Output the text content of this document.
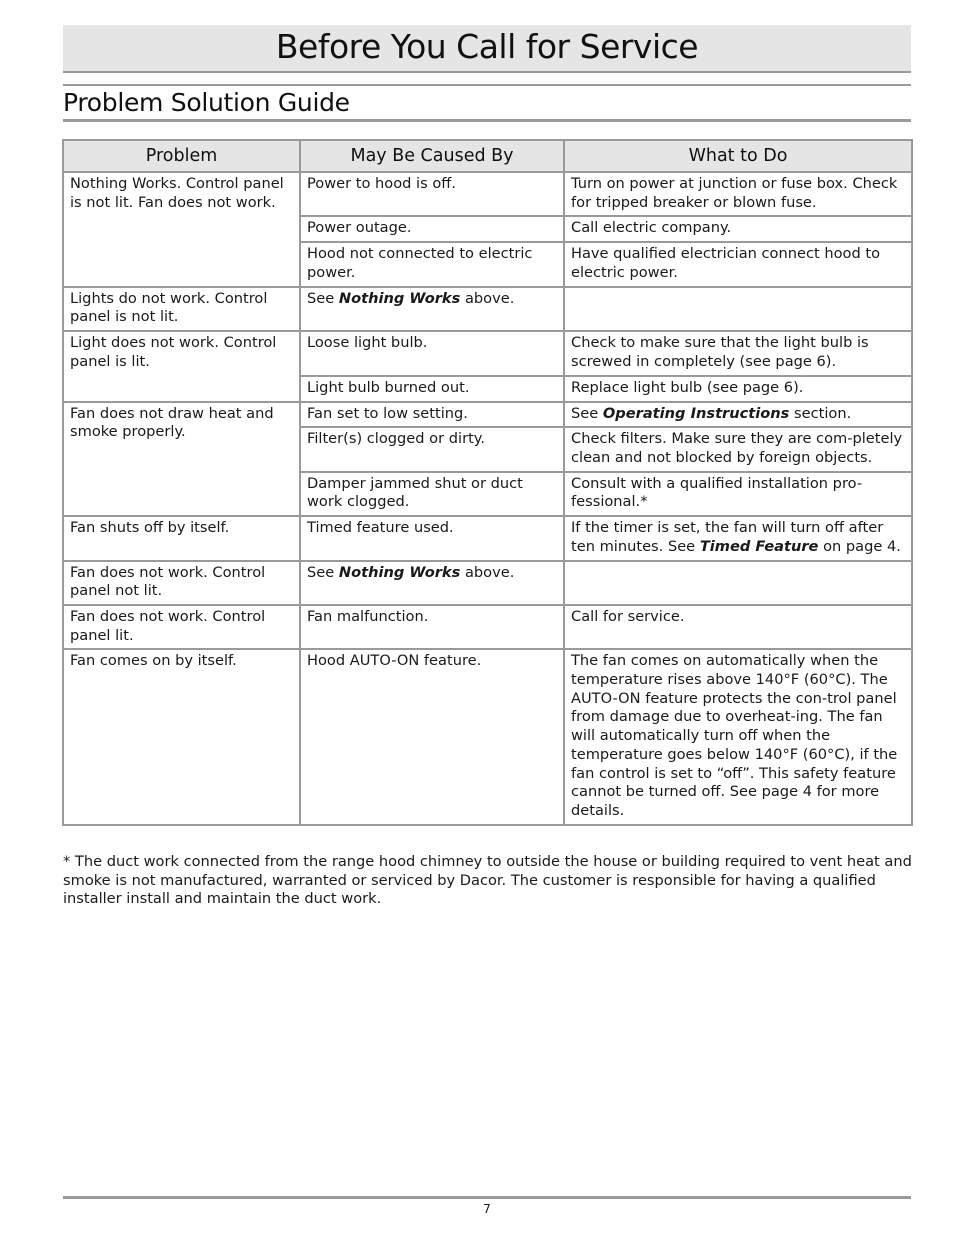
Before You Call for Service
Problem Solution Guide
Problem	May Be Caused By	What to Do
Nothing Works. Control panel is not lit. Fan does not work.	Power to hood is off.	Turn on power at junction or fuse box. Check for tripped breaker or blown fuse.
	Power outage.	Call electric company.
	Hood not connected to electric power.	Have qualified electrician connect hood to electric power.
Lights do not work. Control panel is not lit.	See Nothing Works above.	
Light does not work. Control panel is lit.	Loose light bulb.	Check to make sure that the light bulb is screwed in completely (see page 6).
	Light bulb burned out.	Replace light bulb (see page 6).
Fan does not draw heat and smoke properly.	Fan set to low setting.	See Operating Instructions section.
	Filter(s) clogged or dirty.	Check filters. Make sure they are com-pletely clean and not blocked by foreign objects.
	Damper jammed shut or duct work clogged.	Consult with a qualified installation pro-fessional.*
Fan shuts off by itself.	Timed feature used.	If the timer is set, the fan will turn off after ten minutes. See Timed Feature on page 4.
Fan does not work. Control panel not lit.	See Nothing Works above.	
Fan does not work. Control panel lit.	Fan malfunction.	Call for service.
Fan comes on by itself.	Hood AUTO-ON feature.	The fan comes on automatically when the temperature rises above 140°F (60°C). The AUTO-ON feature protects the con-trol panel from damage due to overheat-ing. The fan will automatically turn off when the temperature goes below 140°F (60°C), if the fan control is set to “off”. This safety feature cannot be turned off. See page 4 for more details.
* The duct work connected from the range hood chimney to outside the house or building required to vent heat and smoke is not manufactured, warranted or serviced by Dacor. The customer is responsible for having a qualified installer install and maintain the duct work.
7
